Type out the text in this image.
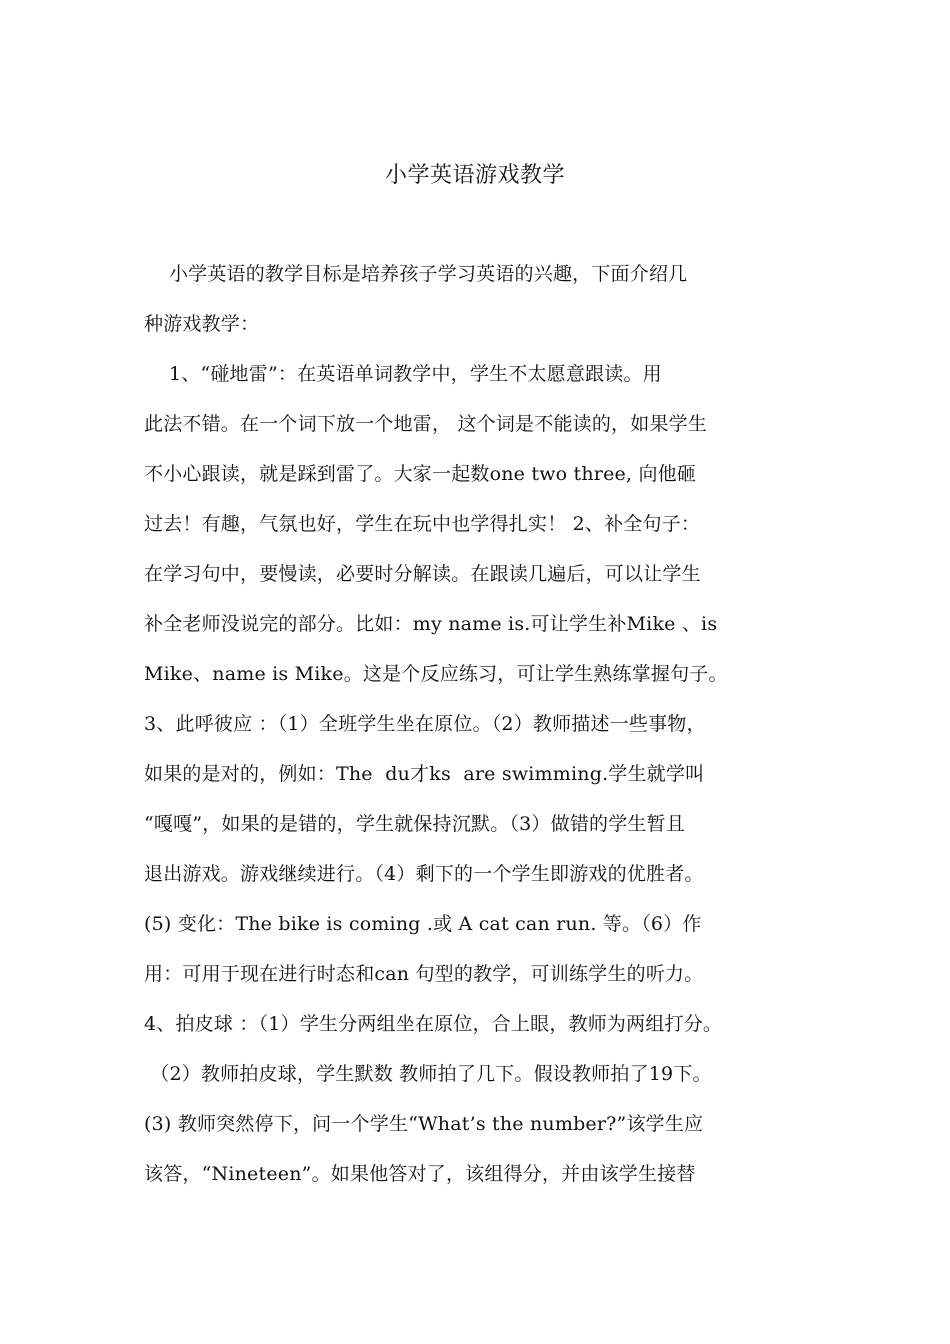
小学英语游戏教学
小学英语的教学目标是培养孩子学习英语的兴趣，下面介绍几
种游戏教学：
1、“碰地雷”：在英语单词教学中，学生不太愿意跟读。用
此法不错。在一个词下放一个地雷， 这个词是不能读的，如果学生
不小心跟读，就是踩到雷了。大家一起数one two three, 向他砸
过去！有趣，气氛也好，学生在玩中也学得扎实！ 2、补全句子：
在学习句中，要慢读，必要时分解读。在跟读几遍后，可以让学生
补全老师没说完的部分。比如：my name is.可让学生补Mike 、is
Mike、name is Mike。这是个反应练习，可让学生熟练掌握句子。
3、此呼彼应 ：（1）全班学生坐在原位。（2）教师描述一些事物，
如果的是对的，例如：The  du才ks  are swimming.学生就学叫
“嘎嘎”，如果的是错的，学生就保持沉默。（3）做错的学生暂且
退出游戏。游戏继续进行。（4）剩下的一个学生即游戏的优胜者。
(5) 变化：The bike is coming .或 A cat can run. 等。（6）作
用：可用于现在进行时态和can 句型的教学，可训练学生的听力。
4、拍皮球 ：（1）学生分两组坐在原位，合上眼，教师为两组打分。
（2）教师拍皮球，学生默数 教师拍了几下。假设教师拍了19下。
(3) 教师突然停下，问一个学生“What’s the number?”该学生应
该答，“Nineteen”。如果他答对了，该组得分，并由该学生接替
